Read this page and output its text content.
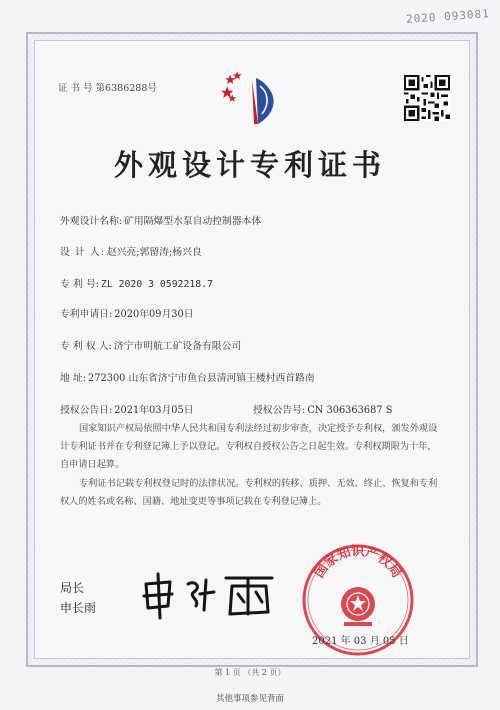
2020 093081
证 书 号 第6386288号
外观设计专利证书
外观设计名称: 矿用隔爆型水泵自动控制器本体
设 计 人: 赵兴亮;郭留涛;杨兴良
专 利 号: ZL 2020 3 0592218.7
专利申请日: 2020年09月30日
专 利 权 人: 济宁市明航工矿设备有限公司
地 址: 272300 山东省济宁市鱼台县清河镇王楼村西首路南
授权公告日: 2021年03月05日	授权公告号: CN 306363687 S
国家知识产权局依照中华人民共和国专利法经过初步审查，决定授予专利权，颁发外观设计专利证书并在专利登记簿上予以登记。专利权自授权公告之日起生效。专利权期限为十年，自申请日起算。
专利证书记载专利权登记时的法律状况。专利权的转移、质押、无效、终止、恢复和专利权人的姓名或名称、国籍、地址变更等事项记载在专利登记簿上。
局长
申长雨
国家知识产权局
2021 年 03 月 05 日
第 1 页 （共 2 页）
其他事项参见背面
